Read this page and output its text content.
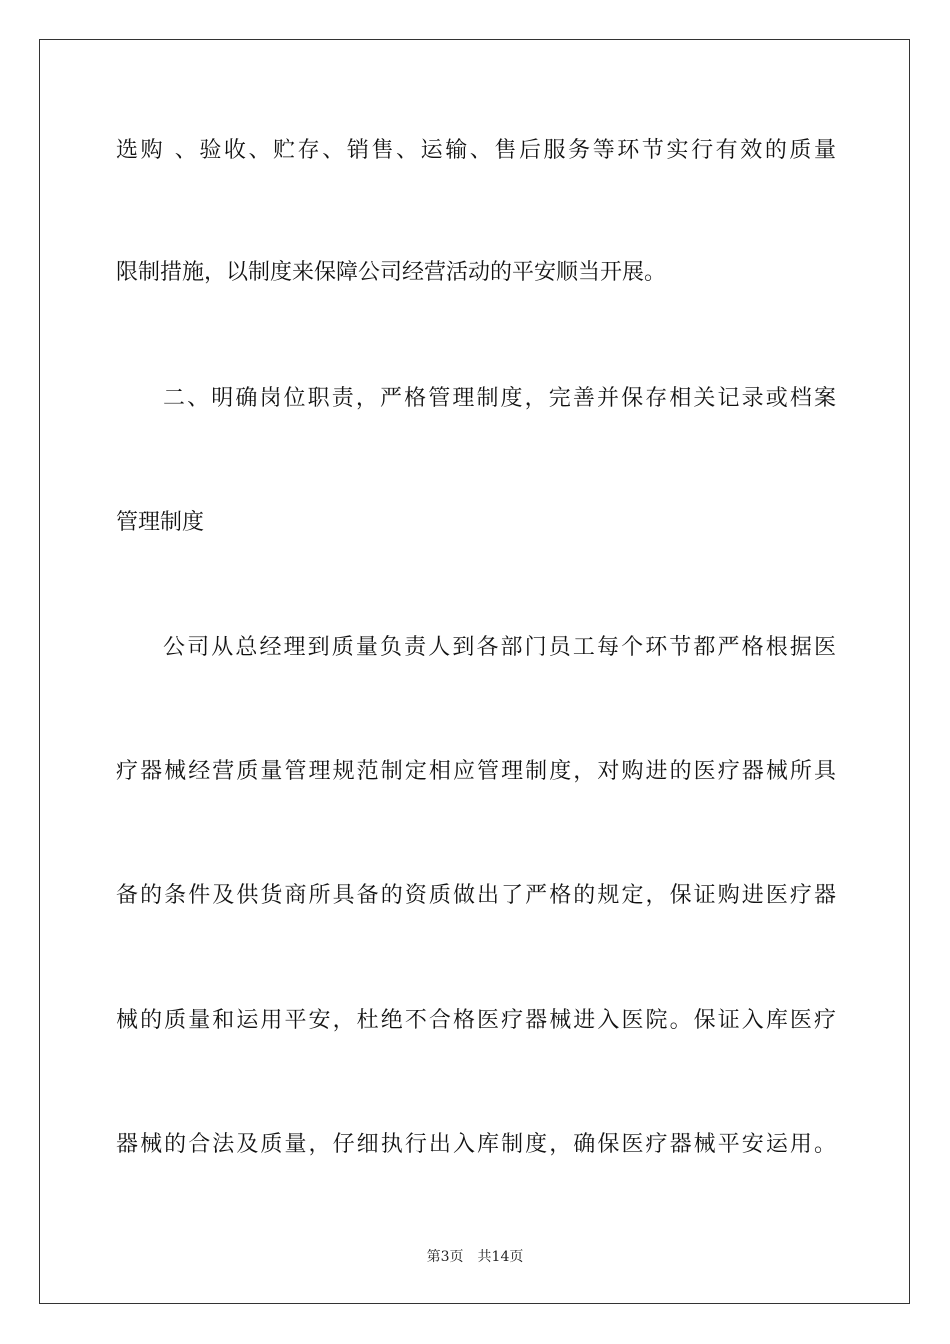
选购 、验收、贮存、销售、运输、售后服务等环节实行有效的质量
限制措施，以制度来保障公司经营活动的平安顺当开展。
二、明确岗位职责，严格管理制度，完善并保存相关记录或档案
管理制度
公司从总经理到质量负责人到各部门员工每个环节都严格根据医
疗器械经营质量管理规范制定相应管理制度，对购进的医疗器械所具
备的条件及供货商所具备的资质做出了严格的规定，保证购进医疗器
械的质量和运用平安，杜绝不合格医疗器械进入医院。保证入库医疗
器械的合法及质量，仔细执行出入库制度，确保医疗器械平安运用。
第3页 共14页
